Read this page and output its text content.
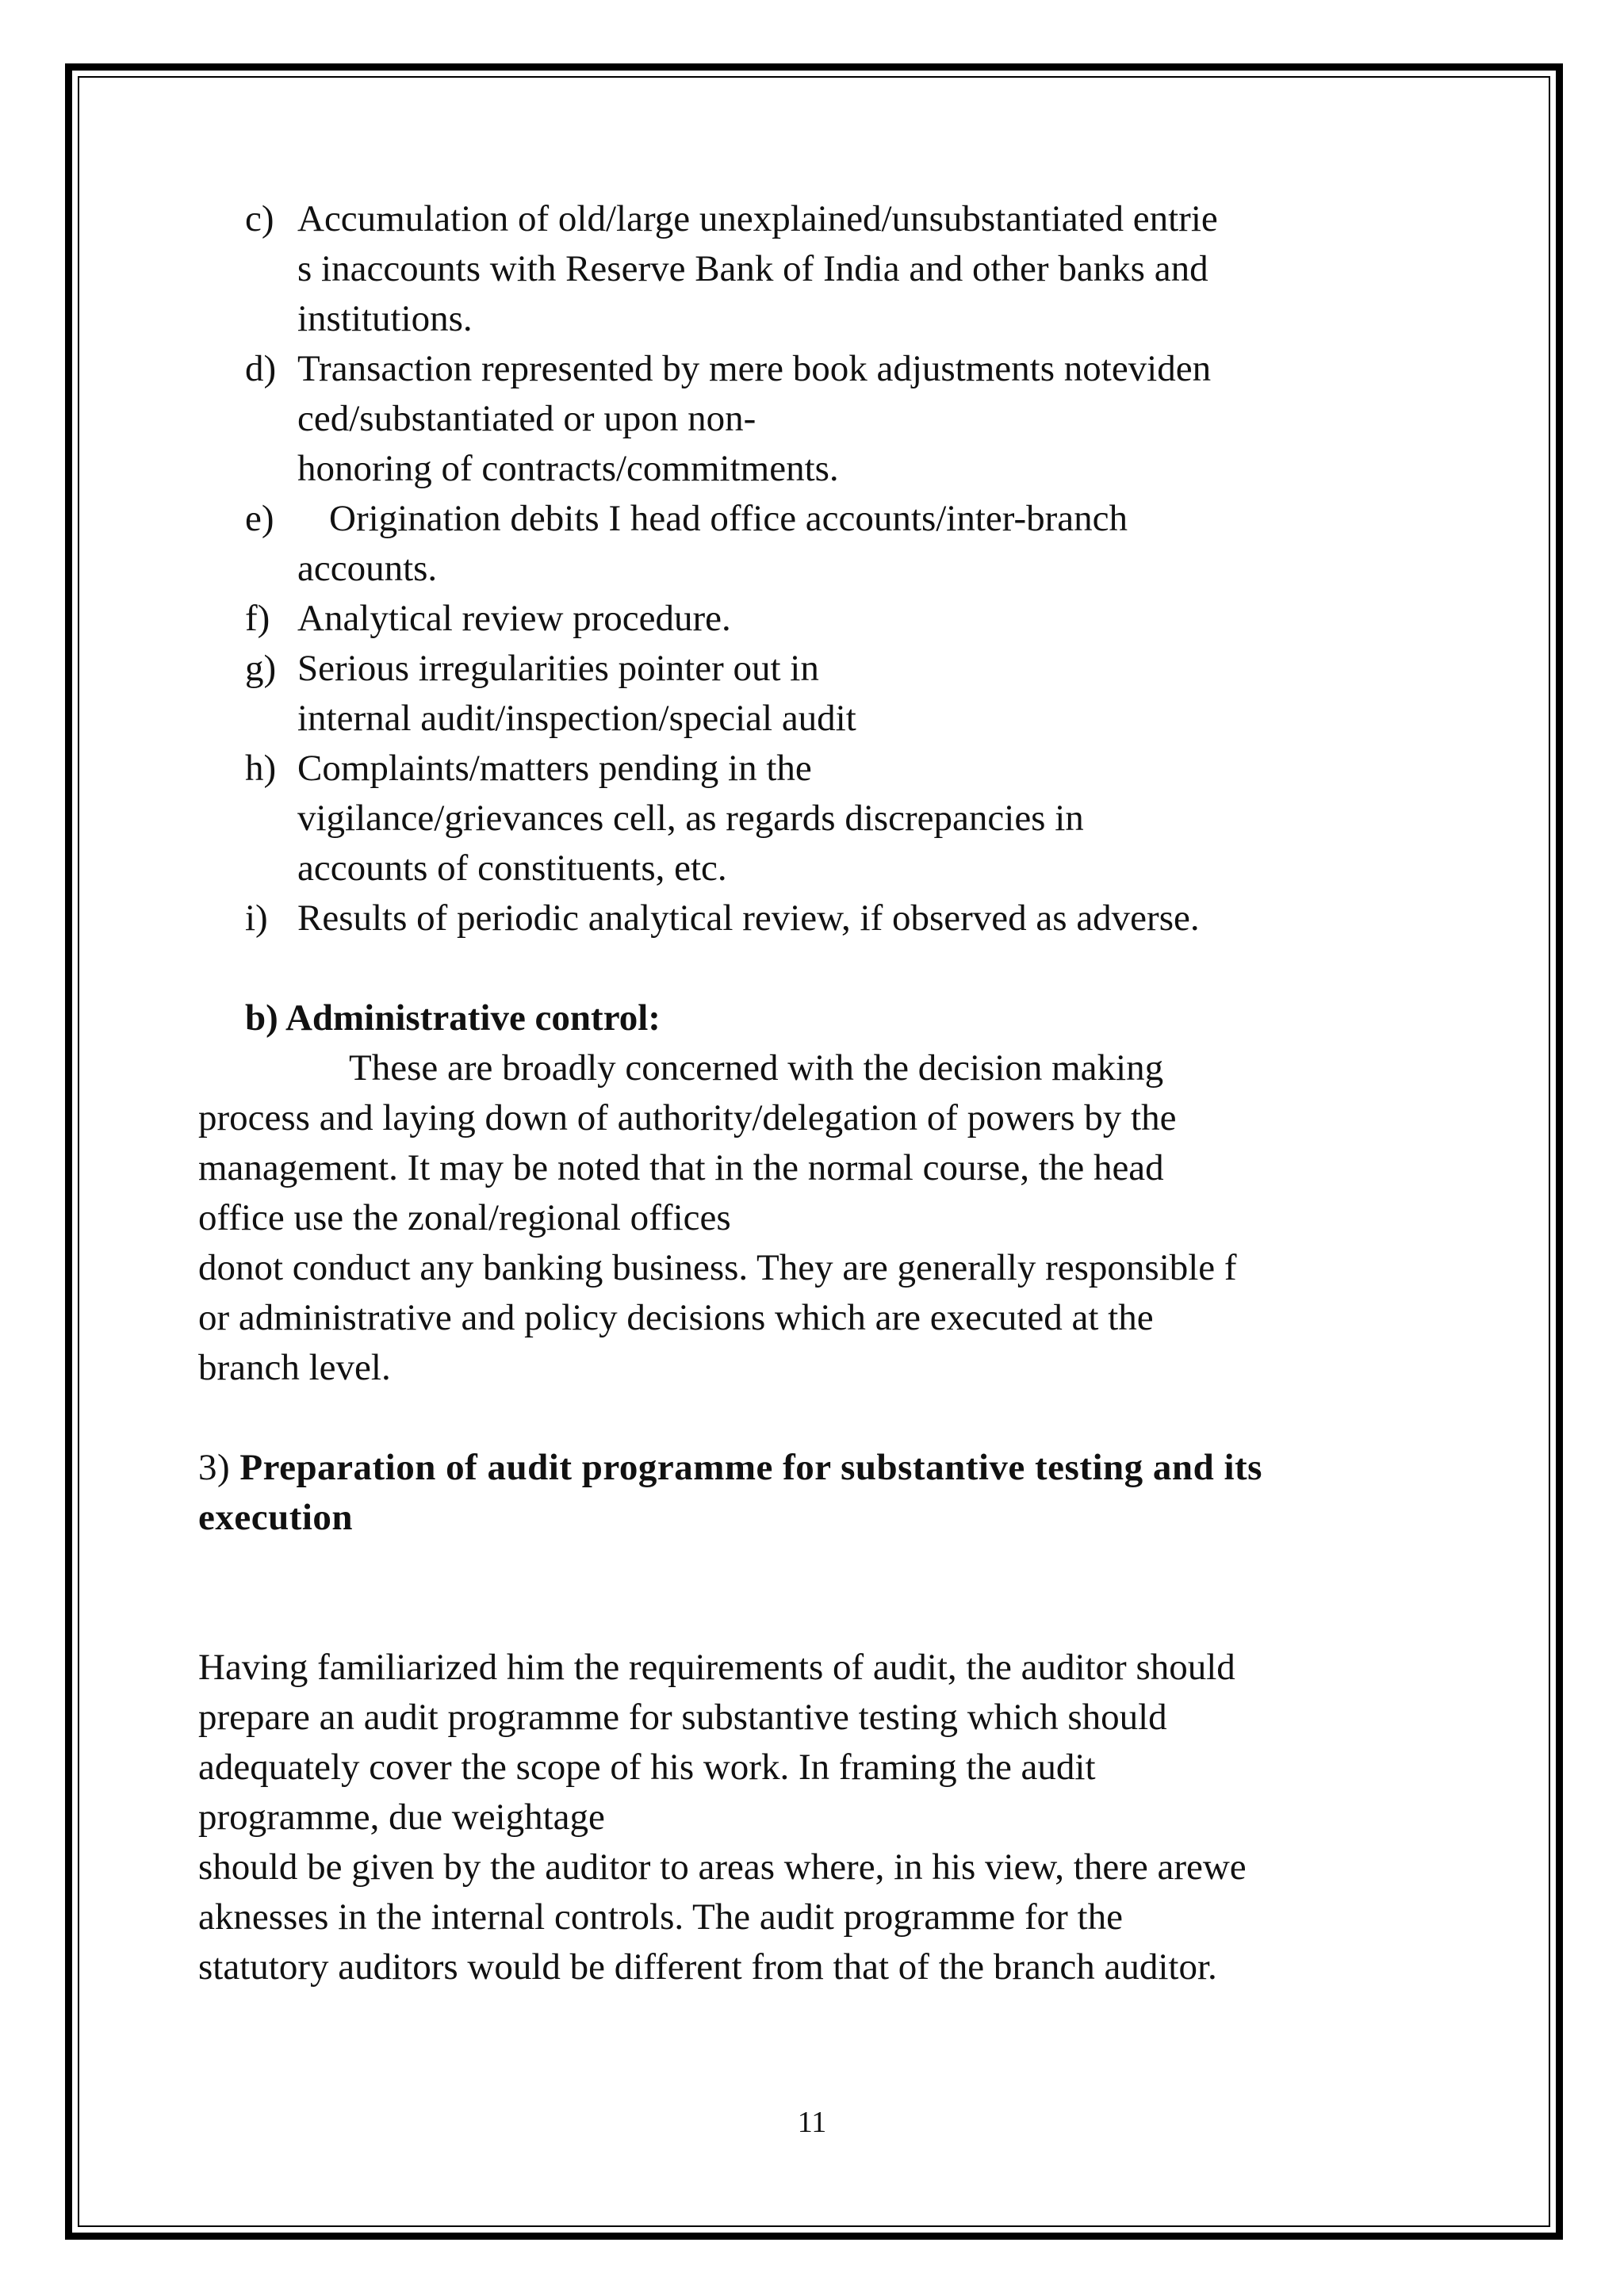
c) Accumulation of old/large unexplained/unsubstantiated entrie
s inaccounts with Reserve Bank of India and other banks and
institutions.
d) Transaction represented by mere book adjustments noteviden
ced/substantiated or upon non-
honoring of contracts/commitments.
e)	Origination debits I head office accounts/inter-branch
accounts.
f) Analytical review procedure.
g) Serious irregularities pointer out in
internal audit/inspection/special audit
h) Complaints/matters pending in the
vigilance/grievances cell, as regards discrepancies in
accounts of constituents, etc.
i) Results of periodic analytical review, if observed as adverse.
b) Administrative control:
These are broadly concerned with the decision making
process and laying down of authority/delegation of powers by the
management. It may be noted that in the normal course, the head
office use the zonal/regional offices
donot conduct any banking business. They are generally responsible f
or administrative and policy decisions which are executed at the
branch level.
3) Preparation of audit programme for substantive testing and its
execution
Having familiarized him the requirements of audit, the auditor should
prepare an audit programme for substantive testing which should
adequately cover the scope of his work. In framing the audit
programme, due weightage
should be given by the auditor to areas where, in his view, there arewe
aknesses in the internal controls. The audit programme for the
statutory auditors would be different from that of the branch auditor.
11
